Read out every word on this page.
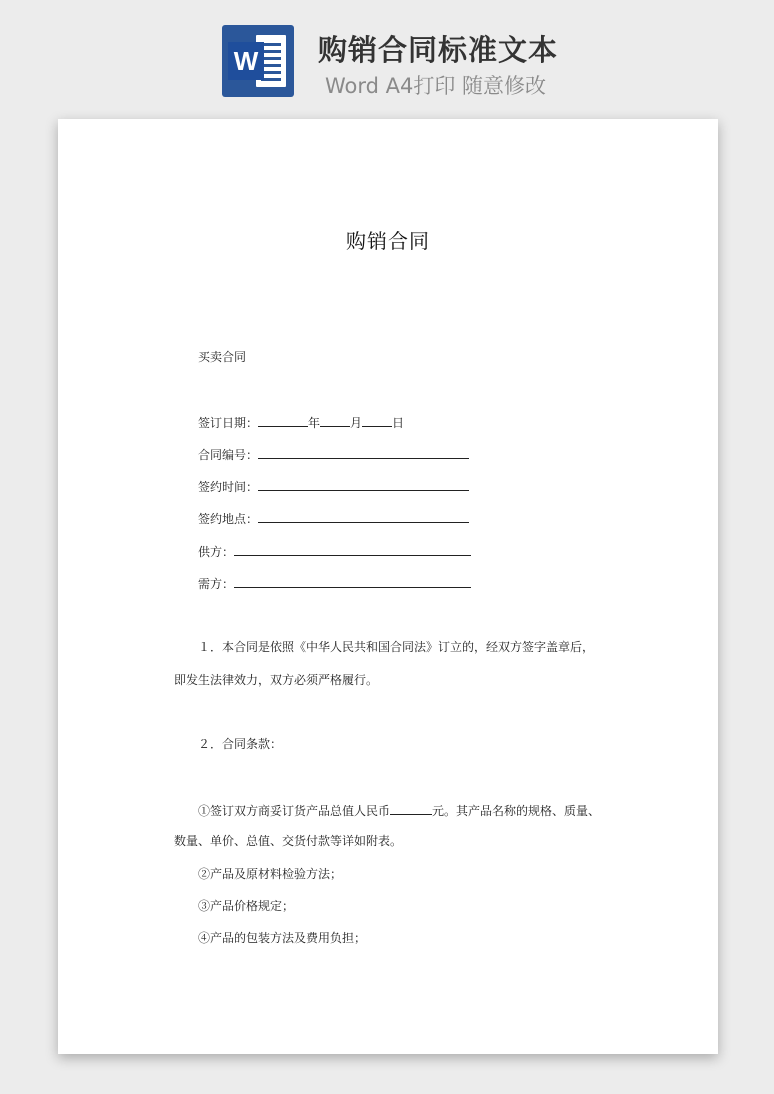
W 购销合同标准文本
Word A4打印 随意修改
购销合同
买卖合同
签订日期：	年	月	日
合同编号：
签约时间：
签约地点：
供方：
需方：
１．本合同是依照《中华人民共和国合同法》订立的，经双方签字盖章后，
即发生法律效力，双方必须严格履行。
２．合同条款：
①签订双方商妥订货产品总值人民币	元。其产品名称的规格、质量、
数量、单价、总值、交货付款等详如附表。
②产品及原材料检验方法；
③产品价格规定；
④产品的包装方法及费用负担；
